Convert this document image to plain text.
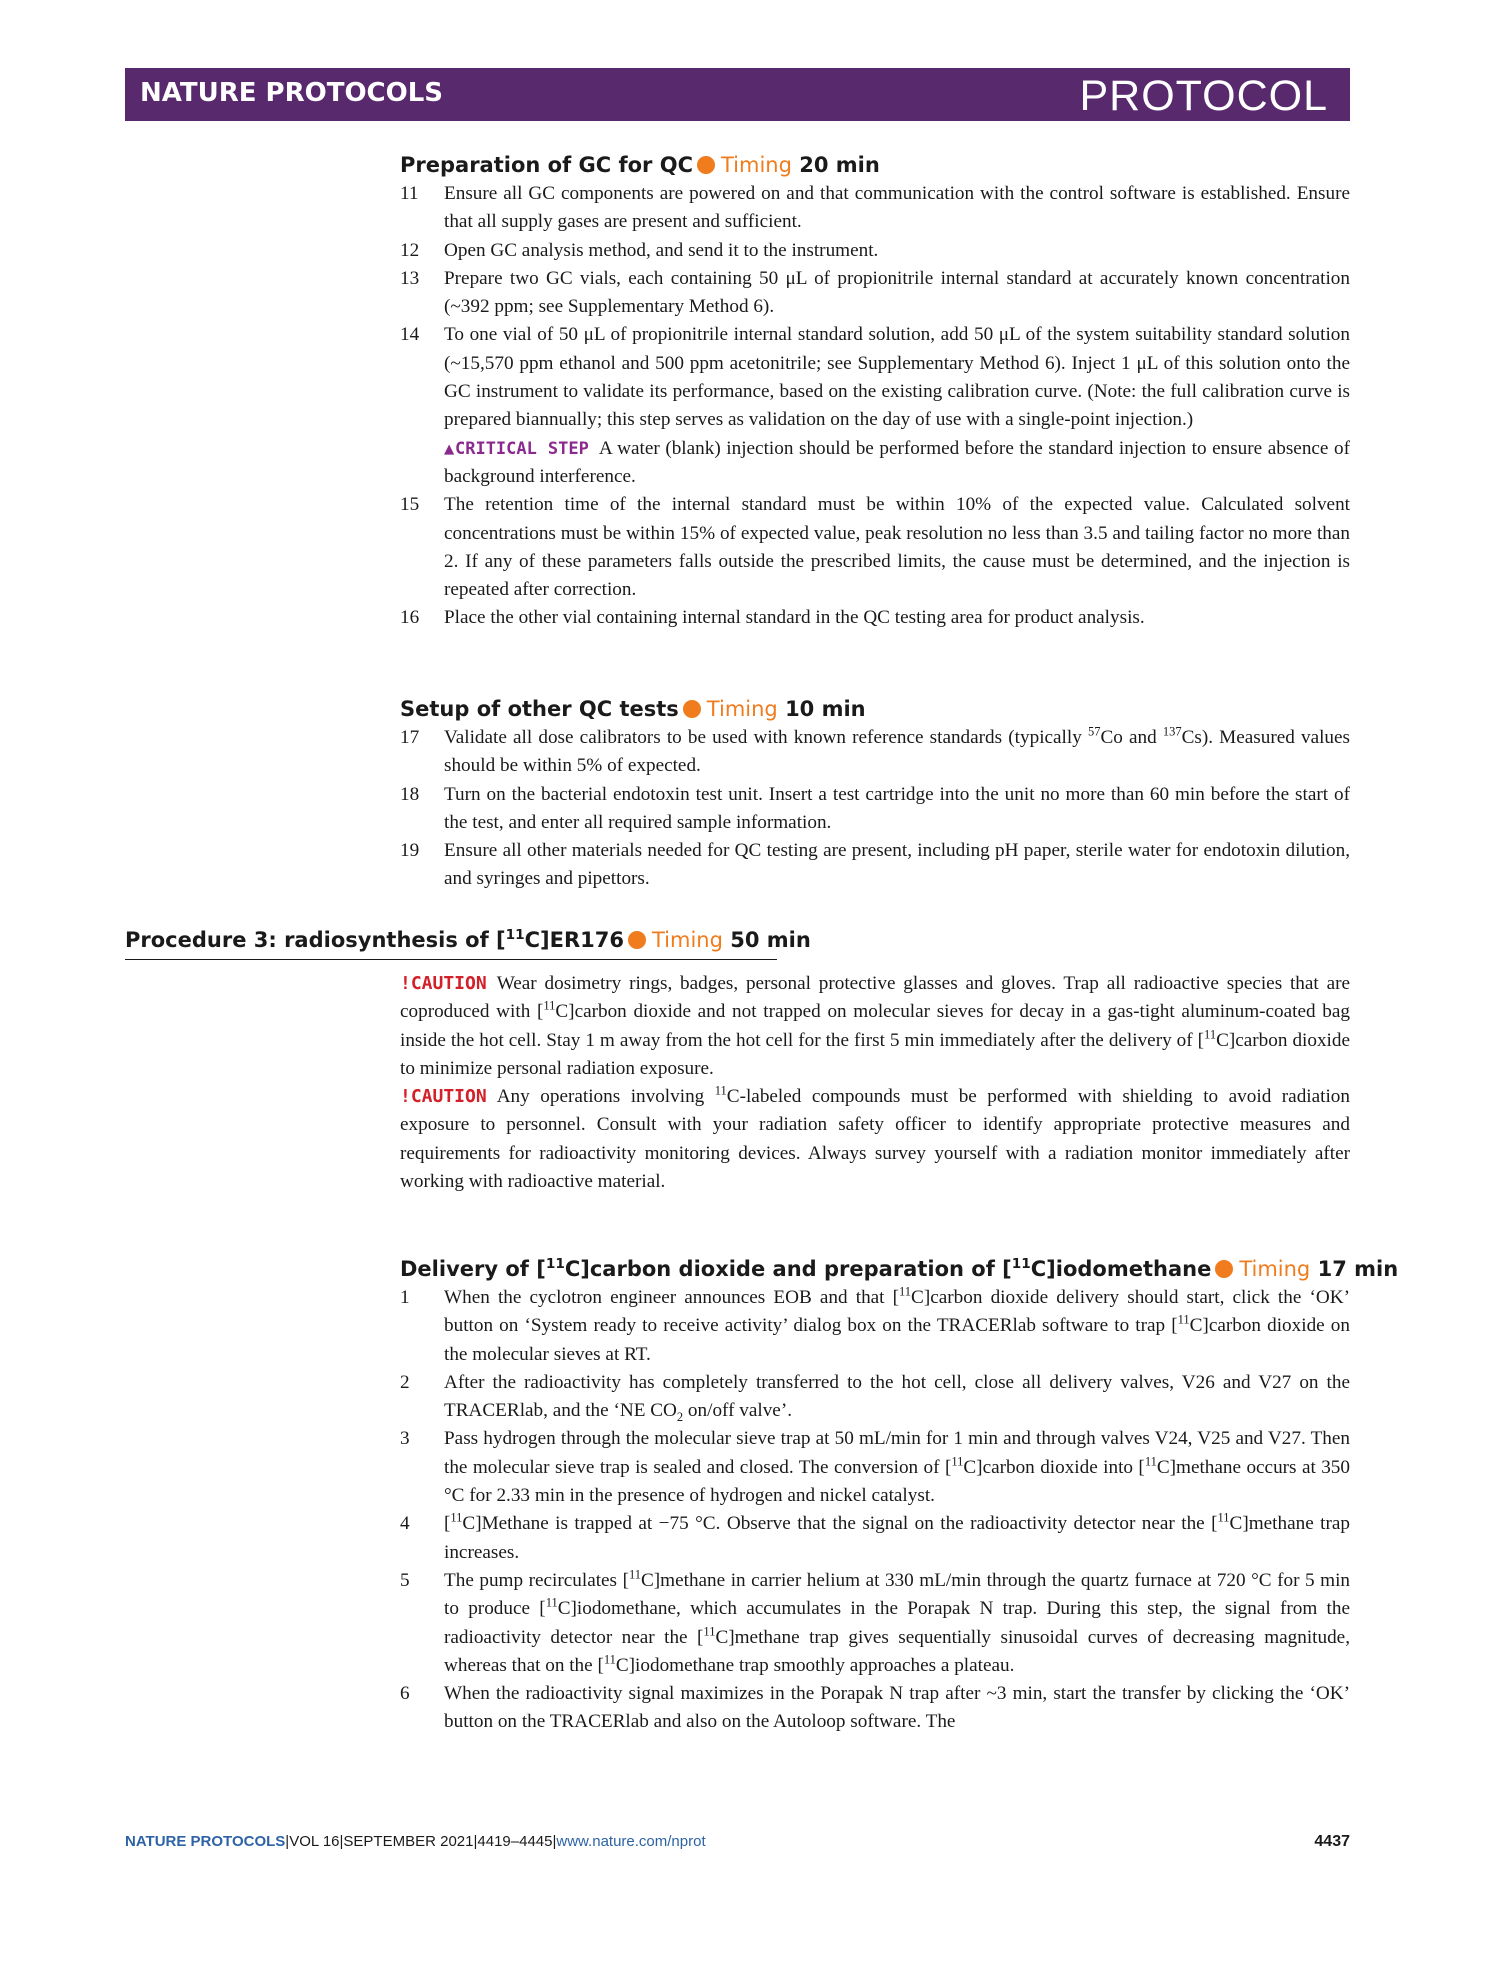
NATURE PROTOCOLS	PROTOCOL
Preparation of GC for QC Timing 20 min
11 Ensure all GC components are powered on and that communication with the control software is established. Ensure that all supply gases are present and sufficient.
12 Open GC analysis method, and send it to the instrument.
13 Prepare two GC vials, each containing 50 μL of propionitrile internal standard at accurately known concentration (~392 ppm; see Supplementary Method 6).
14 To one vial of 50 μL of propionitrile internal standard solution, add 50 μL of the system suitability standard solution (~15,570 ppm ethanol and 500 ppm acetonitrile; see Supplementary Method 6). Inject 1 μL of this solution onto the GC instrument to validate its performance, based on the existing calibration curve. (Note: the full calibration curve is prepared biannually; this step serves as validation on the day of use with a single-point injection.)
▲CRITICAL STEP A water (blank) injection should be performed before the standard injection to ensure absence of background interference.
15 The retention time of the internal standard must be within 10% of the expected value. Calculated solvent concentrations must be within 15% of expected value, peak resolution no less than 3.5 and tailing factor no more than 2. If any of these parameters falls outside the prescribed limits, the cause must be determined, and the injection is repeated after correction.
16 Place the other vial containing internal standard in the QC testing area for product analysis.
Setup of other QC tests Timing 10 min
17 Validate all dose calibrators to be used with known reference standards (typically $^{57}$Co and $^{137}$Cs). Measured values should be within 5% of expected.
18 Turn on the bacterial endotoxin test unit. Insert a test cartridge into the unit no more than 60 min before the start of the test, and enter all required sample information.
19 Ensure all other materials needed for QC testing are present, including pH paper, sterile water for endotoxin dilution, and syringes and pipettors.
Procedure 3: radiosynthesis of [$^{11}$C]ER176 Timing 50 min

!CAUTION Wear dosimetry rings, badges, personal protective glasses and gloves. Trap all radioactive species that are coproduced with [$^{11}$C]carbon dioxide and not trapped on molecular sieves for decay in a gas-tight aluminum-coated bag inside the hot cell. Stay 1 m away from the hot cell for the first 5 min immediately after the delivery of [$^{11}$C]carbon dioxide to minimize personal radiation exposure.

!CAUTION Any operations involving $^{11}$C-labeled compounds must be performed with shielding to avoid radiation exposure to personnel. Consult with your radiation safety officer to identify appropriate protective measures and requirements for radioactivity monitoring devices. Always survey yourself with a radiation monitor immediately after working with radioactive material.

Delivery of [$^{11}$C]carbon dioxide and preparation of [$^{11}$C]iodomethane Timing 17 min
1 When the cyclotron engineer announces EOB and that [$^{11}$C]carbon dioxide delivery should start, click the ‘OK’ button on ‘System ready to receive activity’ dialog box on the TRACERlab software to trap [$^{11}$C]carbon dioxide on the molecular sieves at RT.
2 After the radioactivity has completely transferred to the hot cell, close all delivery valves, V26 and V27 on the TRACERlab, and the ‘NE $CO_2$ on/off valve’.
3 Pass hydrogen through the molecular sieve trap at 50 mL/min for 1 min and through valves V24, V25 and V27. Then the molecular sieve trap is sealed and closed. The conversion of [$^{11}$C]carbon dioxide into [$^{11}$C]methane occurs at 350 °C for 2.33 min in the presence of hydrogen and nickel catalyst.
4 [$^{11}$C]Methane is trapped at −75 °C. Observe that the signal on the radioactivity detector near the [$^{11}$C]methane trap increases.
5 The pump recirculates [$^{11}$C]methane in carrier helium at 330 mL/min through the quartz furnace at 720 °C for 5 min to produce [$^{11}$C]iodomethane, which accumulates in the Porapak N trap. During this step, the signal from the radioactivity detector near the [$^{11}$C]methane trap gives sequentially sinusoidal curves of decreasing magnitude, whereas that on the [$^{11}$C]iodomethane trap smoothly approaches a plateau.
6 When the radioactivity signal maximizes in the Porapak N trap after ~3 min, start the transfer by clicking the ‘OK’ button on the TRACERlab and also on the Autoloop software. The
NATURE PROTOCOLS|VOL 16|SEPTEMBER 2021|4419–4445|www.nature.com/nprot	4437
